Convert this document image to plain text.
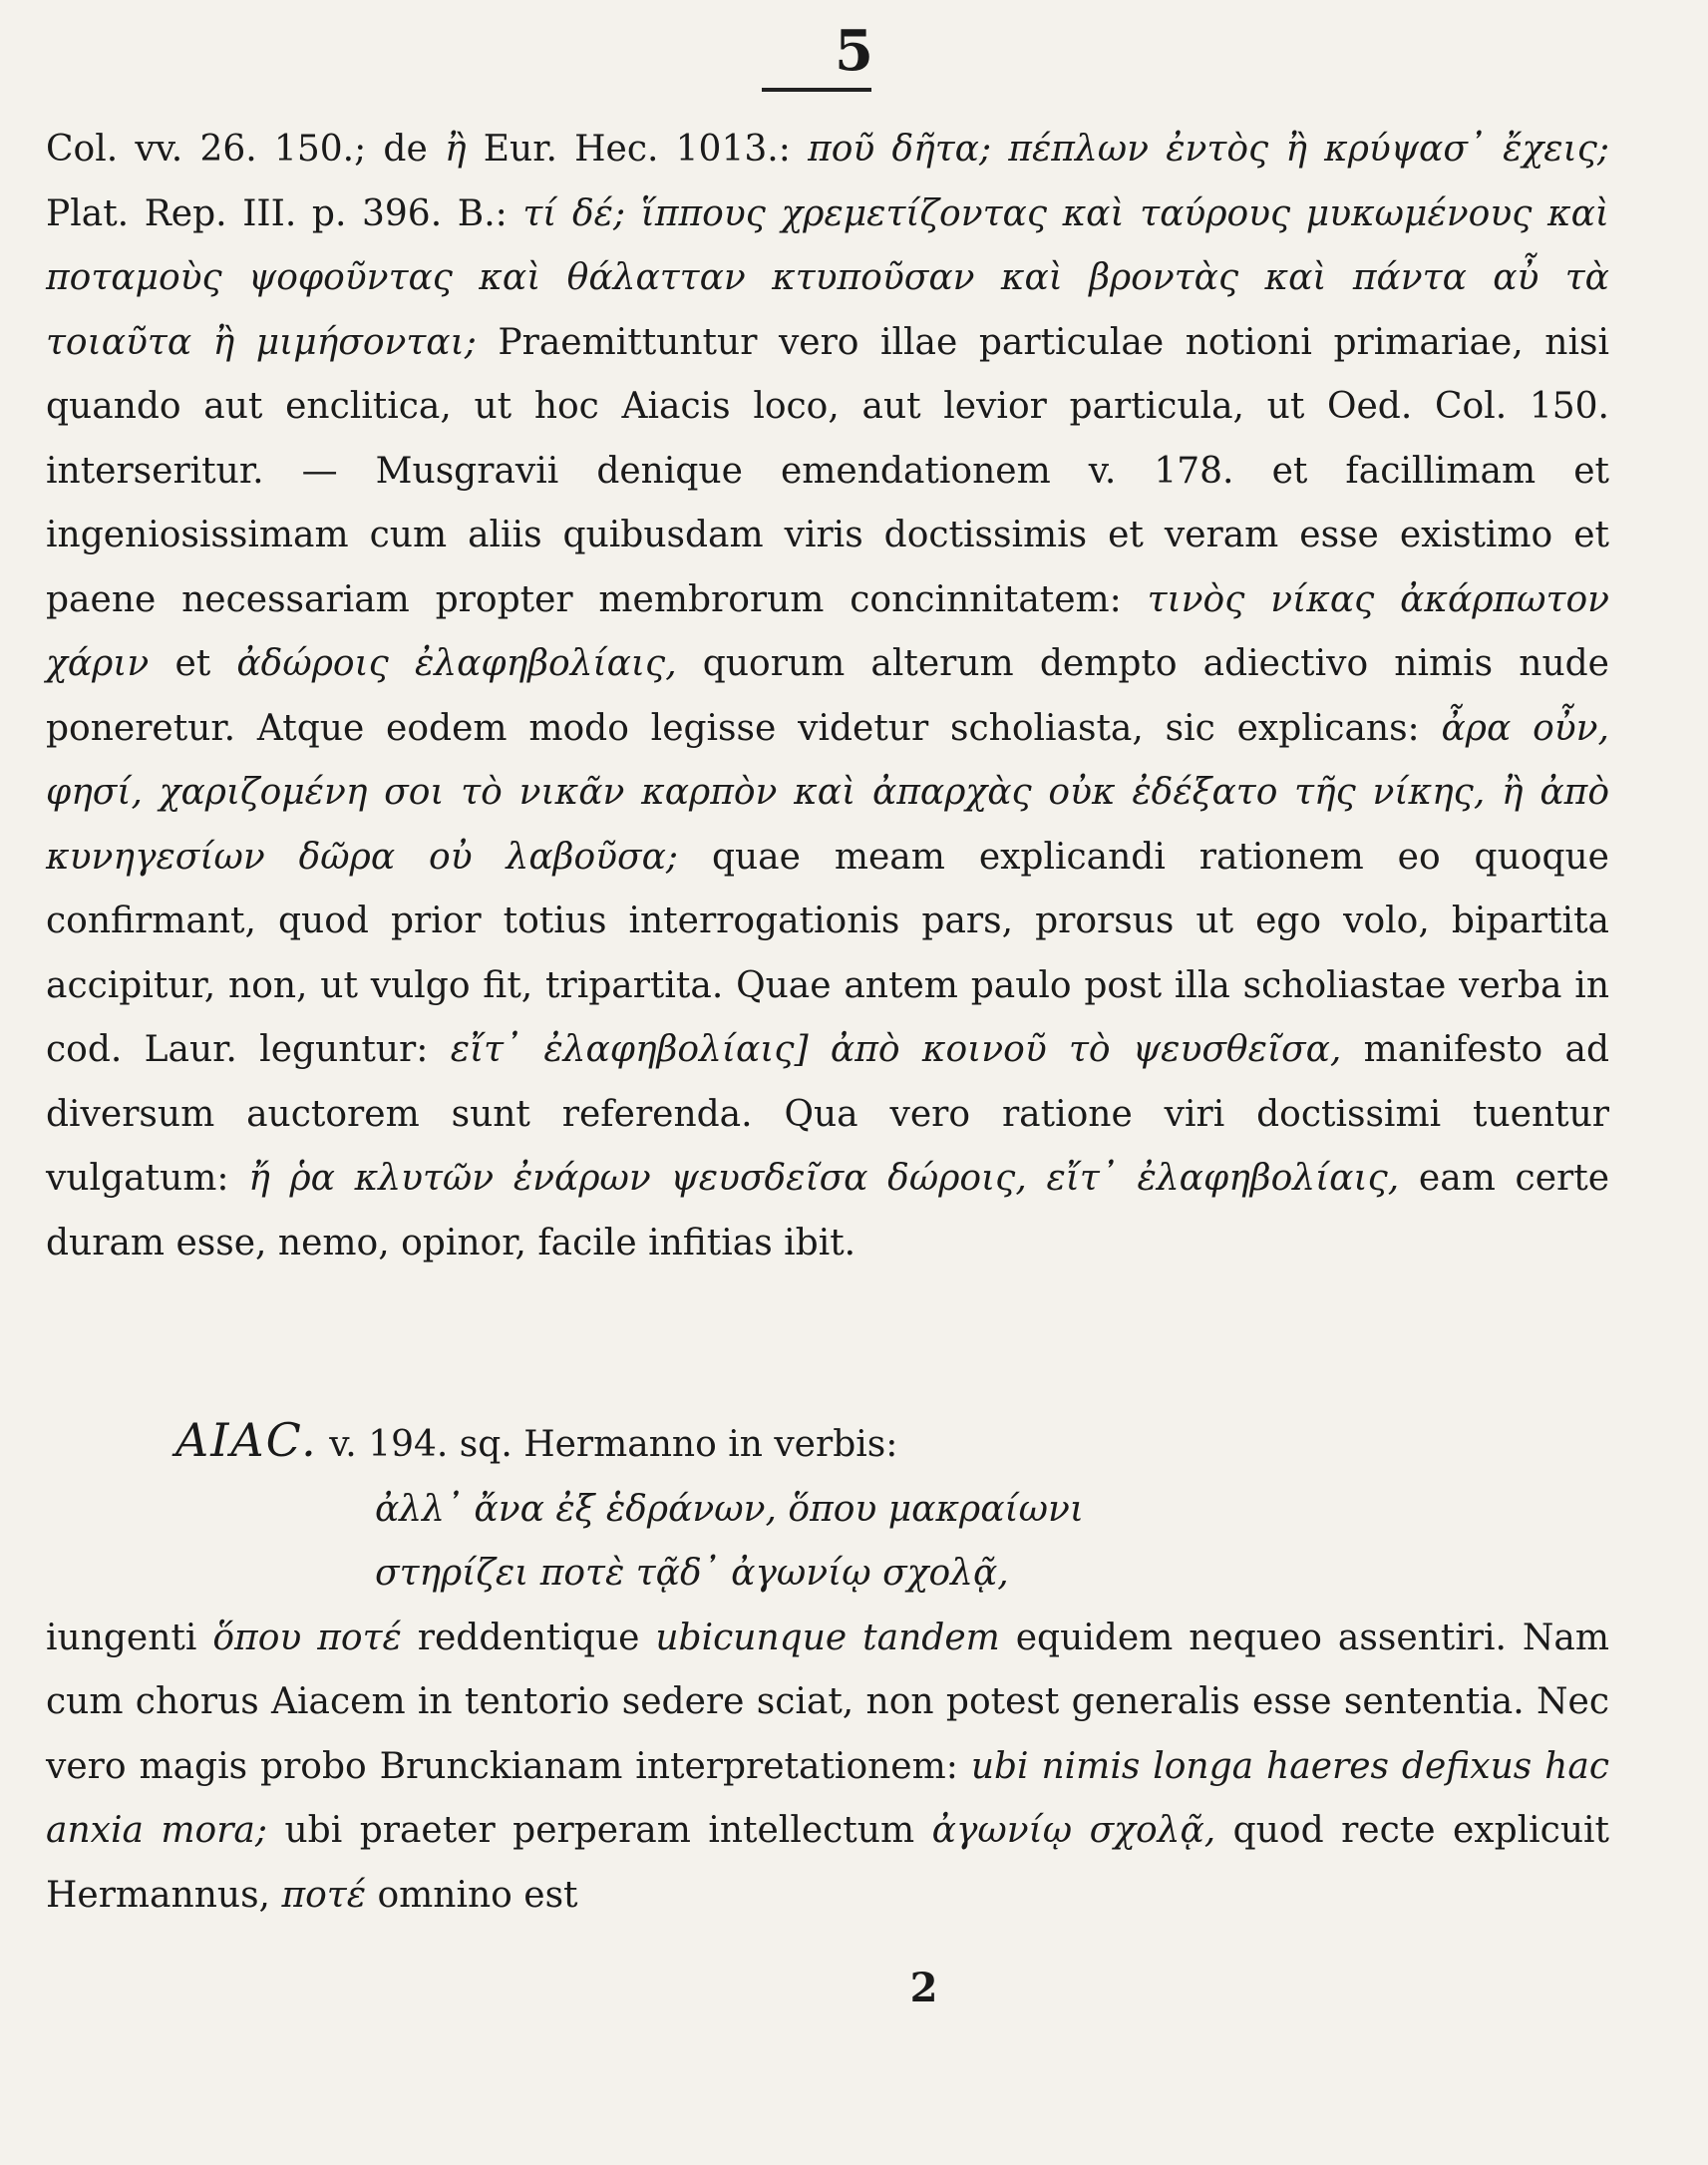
5

Col. vv. 26. 150.; de ἢ Eur. Hec. 1013.: ποῦ δῆτα; πέπλων ἐντὸς ἢ κρύψασ᾽ ἔχεις; Plat. Rep. III. p. 396. B.: τί δέ; ἵππους χρεμετίζοντας καὶ ταύρους μυκωμένους καὶ ποταμοὺς ψοφοῦντας καὶ θάλατταν κτυποῦσαν καὶ βροντὰς καὶ πάντα αὖ τὰ τοιαῦτα ἢ μιμήσονται; Praemittuntur vero illae particulae notioni primariae, nisi quando aut enclitica, ut hoc Aiacis loco, aut levior particula, ut Oed. Col. 150. interseritur. — Musgravii denique emendationem v. 178. et facillimam et ingeniosissimam cum aliis quibusdam viris doctissimis et veram esse existimo et paene necessariam propter membrorum concinnitatem: τινὸς νίκας ἀκάρπωτον χάριν et ἀδώροις ἐλαφηβολίαις, quorum alterum dempto adiectivo nimis nude poneretur. Atque eodem modo legisse videtur scholiasta, sic explicans: ἆρα οὖν, φησί, χαριζομένη σοι τὸ νικᾶν καρπὸν καὶ ἀπαρχὰς οὐκ ἐδέξατο τῆς νίκης, ἢ ἀπὸ κυνηγεσίων δῶρα οὐ λαβοῦσα; quae meam explicandi rationem eo quoque confirmant, quod prior totius interrogationis pars, prorsus ut ego volo, bipartita accipitur, non, ut vulgo fit, tripartita. Quae antem paulo post illa scholiastae verba in cod. Laur. leguntur: εἴτ᾽ ἐλαφηβολίαις] ἀπὸ κοινοῦ τὸ ψευσθεῖσα, manifesto ad diversum auctorem sunt referenda. Qua vero ratione viri doctissimi tuentur vulgatum: ἤ ῥα κλυτῶν ἐνάρων ψευσδεῖσα δώροις, εἴτ᾽ ἐλαφηβολίαις, eam certe duram esse, nemo, opinor, facile infitias ibit.

AIAC. v. 194. sq. Hermanno in verbis:

ἀλλ᾽ ἄνα ἐξ ἑδράνων, ὅπου μακραίωνι

στηρίζει ποτὲ τᾷδ᾽ ἀγωνίῳ σχολᾷ,

iungenti ὅπου ποτέ reddentique ubicunque tandem equidem nequeo assentiri. Nam cum chorus Aiacem in tentorio sedere sciat, non potest generalis esse sententia. Nec vero magis probo Brunckianam interpretationem: ubi nimis longa haeres defixus hac anxia mora; ubi praeter perperam intellectum ἀγωνίῳ σχολᾷ, quod recte explicuit Hermannus, ποτέ omnino est

2
